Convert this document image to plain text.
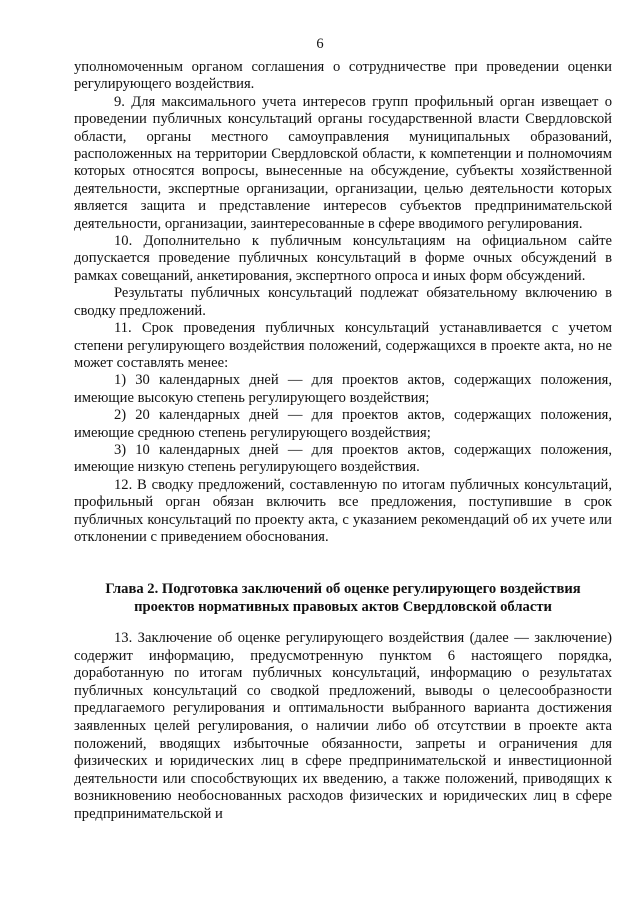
6

уполномоченным органом соглашения о сотрудничестве при проведении оценки регулирующего воздействия.

9. Для максимального учета интересов групп профильный орган извещает о проведении публичных консультаций органы государственной власти Свердловской области, органы местного самоуправления муниципальных образований, расположенных на территории Свердловской области, к компетенции и полномочиям которых относятся вопросы, вынесенные на обсуждение, субъекты хозяйственной деятельности, экспертные организации, организации, целью деятельности которых является защита и представление интересов субъектов предпринимательской деятельности, организации, заинтересованные в сфере вводимого регулирования.

10. Дополнительно к публичным консультациям на официальном сайте допускается проведение публичных консультаций в форме очных обсуждений в рамках совещаний, анкетирования, экспертного опроса и иных форм обсуждений.

Результаты публичных консультаций подлежат обязательному включению в сводку предложений.

11. Срок проведения публичных консультаций устанавливается с учетом степени регулирующего воздействия положений, содержащихся в проекте акта, но не может составлять менее:

1) 30 календарных дней — для проектов актов, содержащих положения, имеющие высокую степень регулирующего воздействия;

2) 20 календарных дней — для проектов актов, содержащих положения, имеющие среднюю степень регулирующего воздействия;

3) 10 календарных дней — для проектов актов, содержащих положения, имеющие низкую степень регулирующего воздействия.

12. В сводку предложений, составленную по итогам публичных консультаций, профильный орган обязан включить все предложения, поступившие в срок публичных консультаций по проекту акта, с указанием рекомендаций об их учете или отклонении с приведением обоснования.

Глава 2. Подготовка заключений об оценке регулирующего воздействия
проектов нормативных правовых актов Свердловской области

13. Заключение об оценке регулирующего воздействия (далее — заключение) содержит информацию, предусмотренную пунктом 6 настоящего порядка, доработанную по итогам публичных консультаций, информацию о результатах публичных консультаций со сводкой предложений, выводы о целесообразности предлагаемого регулирования и оптимальности выбранного варианта достижения заявленных целей регулирования, о наличии либо об отсутствии в проекте акта положений, вводящих избыточные обязанности, запреты и ограничения для физических и юридических лиц в сфере предпринимательской и инвестиционной деятельности или способствующих их введению, а также положений, приводящих к возникновению необоснованных расходов физических и юридических лиц в сфере предпринимательской и
